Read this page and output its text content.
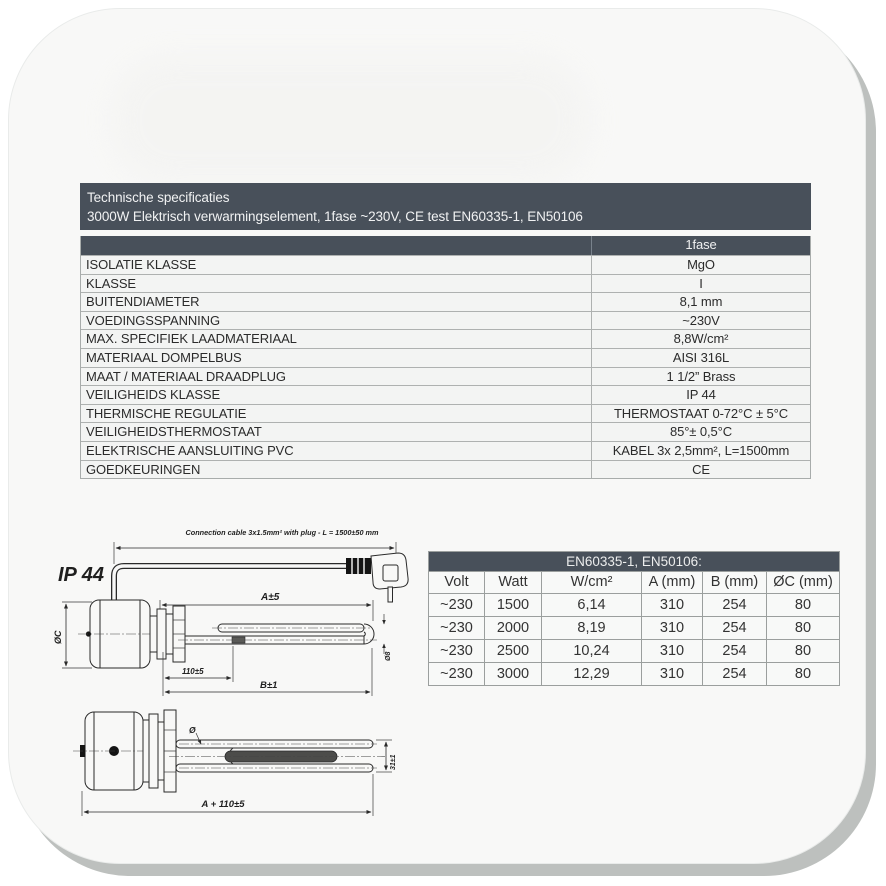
Technische specificaties
3000W Elektrisch verwarmingselement, 1fase ~230V, CE test EN60335-1, EN50106
1fase
ISOLATIE KLASSE	MgO
KLASSE	I
BUITENDIAMETER	8,1 mm
VOEDINGSSPANNING	~230V
MAX. SPECIFIEK LAADMATERIAAL	8,8W/cm²
MATERIAAL DOMPELBUS	AISI 316L
MAAT / MATERIAAL DRAADPLUG	1 1/2” Brass
VEILIGHEIDS KLASSE	IP 44
THERMISCHE REGULATIE	THERMOSTAAT 0-72°C ± 5°C
VEILIGHEIDSTHERMOSTAAT	85°± 0,5°C
ELEKTRISCHE AANSLUITING PVC	KABEL 3x 2,5mm², L=1500mm
GOEDKEURINGEN	CE
EN60335-1, EN50106:
Volt	Watt	W/cm²	A (mm)	B (mm)	ØC (mm)
~230	1500	6,14	310	254	80
~230	2000	8,19	310	254	80
~230	2500	10,24	310	254	80
~230	3000	12,29	310	254	80
IP 44
Connection cable 3x1.5mm² with plug - L = 1500±50 mm
A±5
ØC
Ø8
110±5
B±1
Ø
31±1
A + 110±5
